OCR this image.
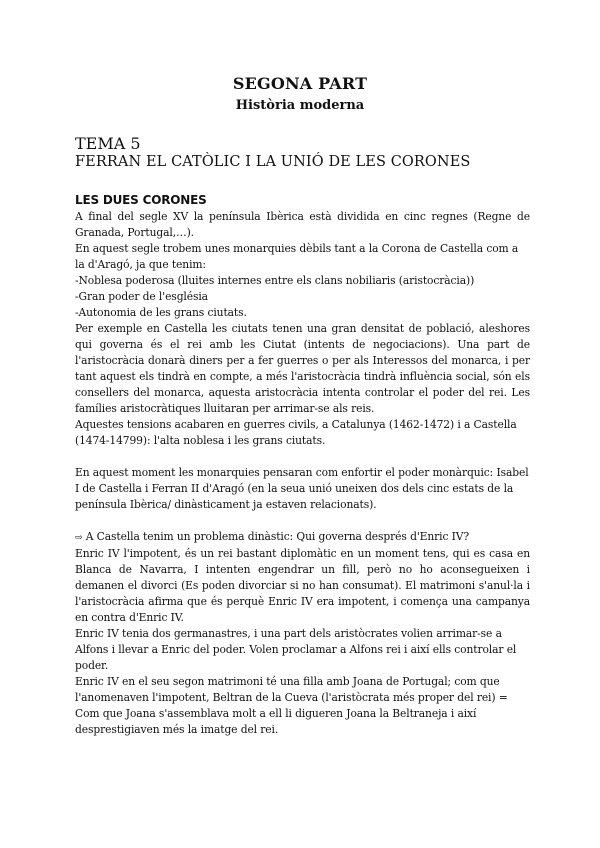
SEGONA PART
Història moderna
TEMA 5
FERRAN EL CATÒLIC I LA UNIÓ DE LES CORONES
LES DUES CORONES

A final del segle XV la península Ibèrica està dividida en cinc regnes (Regne de Granada, Portugal,…).

En aquest segle trobem unes monarquies dèbils tant a la Corona de Castella com a la d'Aragó, ja que tenim:

-Noblesa poderosa (lluites internes entre els clans nobiliaris (aristocràcia))

-Gran poder de l'església

-Autonomia de les grans ciutats.

Per exemple en Castella les ciutats tenen una gran densitat de població, aleshores qui governa és el rei amb les Ciutat (intents de negociacions). Una part de l'aristocràcia donarà diners per a fer guerres o per als Interessos del monarca, i per tant aquest els tindrà en compte, a més l'aristocràcia tindrà influència social, són els consellers del monarca, aquesta aristocràcia intenta controlar el poder del rei. Les famílies aristocràtiques lluitaran per arrimar-se als reis.

Aquestes tensions acabaren en guerres civils, a Catalunya (1462-1472) i a Castella (1474-14799): l'alta noblesa i les grans ciutats.

En aquest moment les monarquies pensaran com enfortir el poder monàrquic: Isabel I de Castella i Ferran II d'Aragó (en la seua unió uneixen dos dels cinc estats de la península Ibèrica/ dinàsticament ja estaven relacionats).

⇨ A Castella tenim un problema dinàstic: Qui governa després d'Enric IV?

Enric IV l'impotent, és un rei bastant diplomàtic en un moment tens, qui es casa en Blanca de Navarra, I intenten engendrar un fill, però no ho aconsegueixen i demanen el divorci (Es poden divorciar si no han consumat). El matrimoni s'anul·la i l'aristocràcia afirma que és perquè Enric IV era impotent, i comença una campanya en contra d'Enric IV.

Enric IV tenia dos germanastres, i una part dels aristòcrates volien arrimar-se a Alfons i llevar a Enric del poder. Volen proclamar a Alfons rei i així ells controlar el poder.

Enric IV en el seu segon matrimoni té una filla amb Joana de Portugal; com que l'anomenaven l'impotent, Beltran de la Cueva (l'aristòcrata més proper del rei) = Com que Joana s'assemblava molt a ell li digueren Joana la Beltraneja i així desprestigiaven més la imatge del rei.
